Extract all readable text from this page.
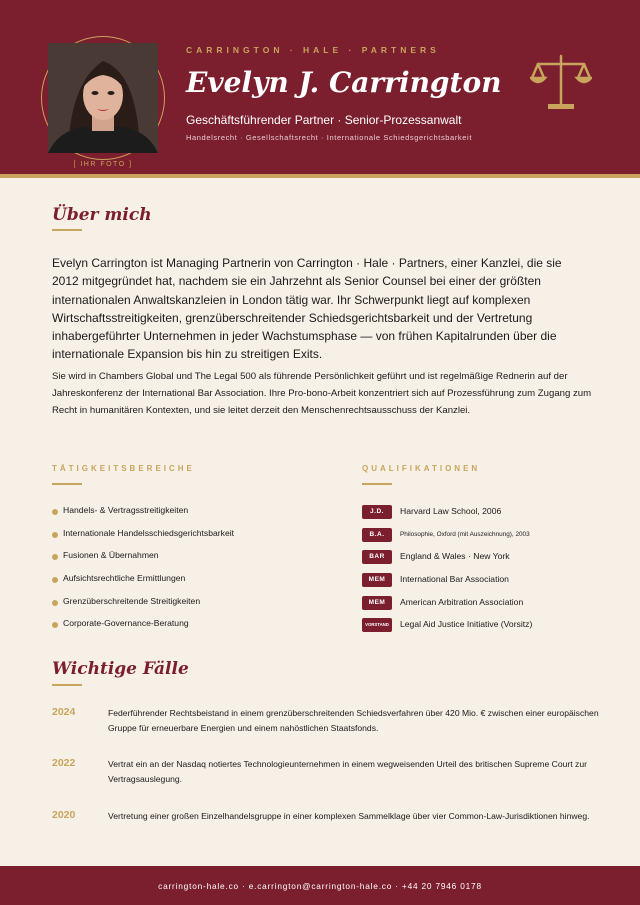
[ IHR FOTO ]
CARRINGTON · HALE · PARTNERS
Evelyn J. Carrington
Geschäftsführender Partner · Senior-Prozessanwalt
Handelsrecht · Gesellschaftsrecht · Internationale Schiedsgerichtsbarkeit
Über mich

Evelyn Carrington ist Managing Partnerin von Carrington · Hale · Partners, einer Kanzlei, die sie 2012 mitgegründet hat, nachdem sie ein Jahrzehnt als Senior Counsel bei einer der größten internationalen Anwaltskanzleien in London tätig war. Ihr Schwerpunkt liegt auf komplexen Wirtschaftsstreitigkeiten, grenzüberschreitender Schiedsgerichtsbarkeit und der Vertretung inhabergeführter Unternehmen in jeder Wachstumsphase — von frühen Kapitalrunden über die internationale Expansion bis hin zu streitigen Exits.

Sie wird in Chambers Global und The Legal 500 als führende Persönlichkeit geführt und ist regelmäßige Rednerin auf der Jahreskonferenz der International Bar Association. Ihre Pro-bono-Arbeit konzentriert sich auf Prozessführung zum Zugang zum Recht in humanitären Kontexten, und sie leitet derzeit den Menschenrechtsausschuss der Kanzlei.

TÄTIGKEITSBEREICHE
Handels- & Vertragsstreitigkeiten
Internationale Handelsschiedsgerichtsbarkeit
Fusionen & Übernahmen
Aufsichtsrechtliche Ermittlungen
Grenzüberschreitende Streitigkeiten
Corporate-Governance-Beratung
QUALIFIKATIONEN
J.D.	Harvard Law School, 2006
B.A.	Philosophie, Oxford (mit Auszeichnung), 2003
BAR	England & Wales · New York
MEM	International Bar Association
MEM	American Arbitration Association
VORSTAND	Legal Aid Justice Initiative (Vorsitz)
Wichtige Fälle
2024	Federführender Rechtsbeistand in einem grenzüberschreitenden Schiedsverfahren über 420 Mio. € zwischen einer europäischen Gruppe für erneuerbare Energien und einem nahöstlichen Staatsfonds.
2022	Vertrat ein an der Nasdaq notiertes Technologieunternehmen in einem wegweisenden Urteil des britischen Supreme Court zur Vertragsauslegung.
2020	Vertretung einer großen Einzelhandelsgruppe in einer komplexen Sammelklage über vier Common-Law-Jurisdiktionen hinweg.
carrington-hale.co · e.carrington@carrington-hale.co · +44 20 7946 0178
